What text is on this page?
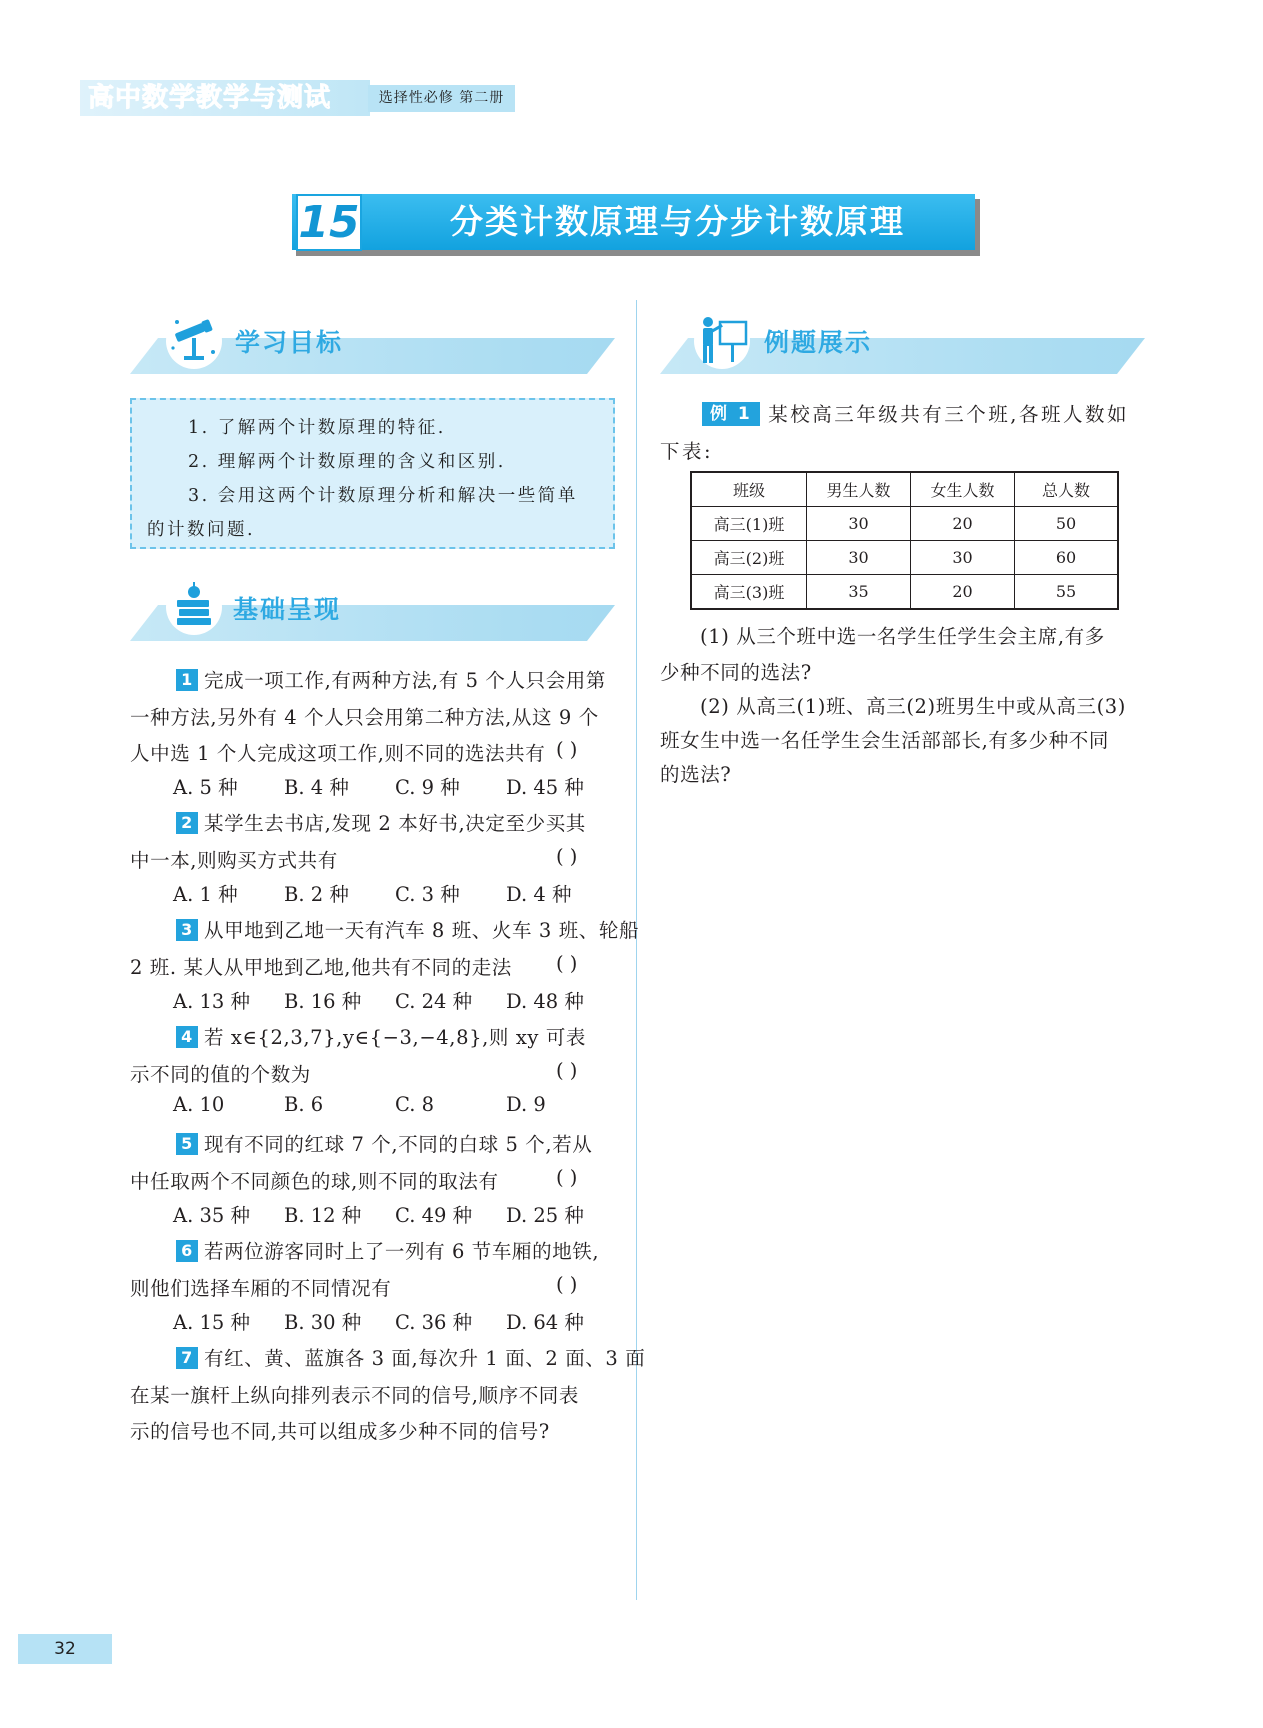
高中数学教学与测试	选择性必修 第二册
15	分类计数原理与分步计数原理
学习目标
1. 了解两个计数原理的特征.
2. 理解两个计数原理的含义和区别.
3. 会用这两个计数原理分析和解决一些简单
的计数问题.
基础呈现
1 完成一项工作,有两种方法,有 5 个人只会用第
一种方法,另外有 4 个人只会用第二种方法,从这 9 个
人中选 1 个人完成这项工作,则不同的选法共有 ( )
A. 5 种 B. 4 种 C. 9 种 D. 45 种
2 某学生去书店,发现 2 本好书,决定至少买其
中一本,则购买方式共有	( )
A. 1 种 B. 2 种 C. 3 种 D. 4 种
3 从甲地到乙地一天有汽车 8 班、火车 3 班、轮船
2 班. 某人从甲地到乙地,他共有不同的走法 ( )
A. 13 种 B. 16 种 C. 24 种 D. 48 种
4 若 x∈{2,3,7},y∈{−3,−4,8},则 xy 可表
示不同的值的个数为	( )
A. 10	B. 6	C. 8	D. 9
5 现有不同的红球 7 个,不同的白球 5 个,若从
中任取两个不同颜色的球,则不同的取法有	( )
A. 35 种 B. 12 种 C. 49 种 D. 25 种
6 若两位游客同时上了一列有 6 节车厢的地铁,
则他们选择车厢的不同情况有	( )
A. 15 种 B. 30 种 C. 36 种 D. 64 种
7 有红、黄、蓝旗各 3 面,每次升 1 面、2 面、3 面
在某一旗杆上纵向排列表示不同的信号,顺序不同表
示的信号也不同,共可以组成多少种不同的信号?
例题展示
例 1 某校高三年级共有三个班,各班人数如
下表:
班级	男生人数	女生人数	总人数
高三(1)班	30	20	50
高三(2)班	30	30	60
高三(3)班	35	20	55
(1) 从三个班中选一名学生任学生会主席,有多
少种不同的选法?
(2) 从高三(1)班、高三(2)班男生中或从高三(3)
班女生中选一名任学生会生活部部长,有多少种不同
的选法?
32
